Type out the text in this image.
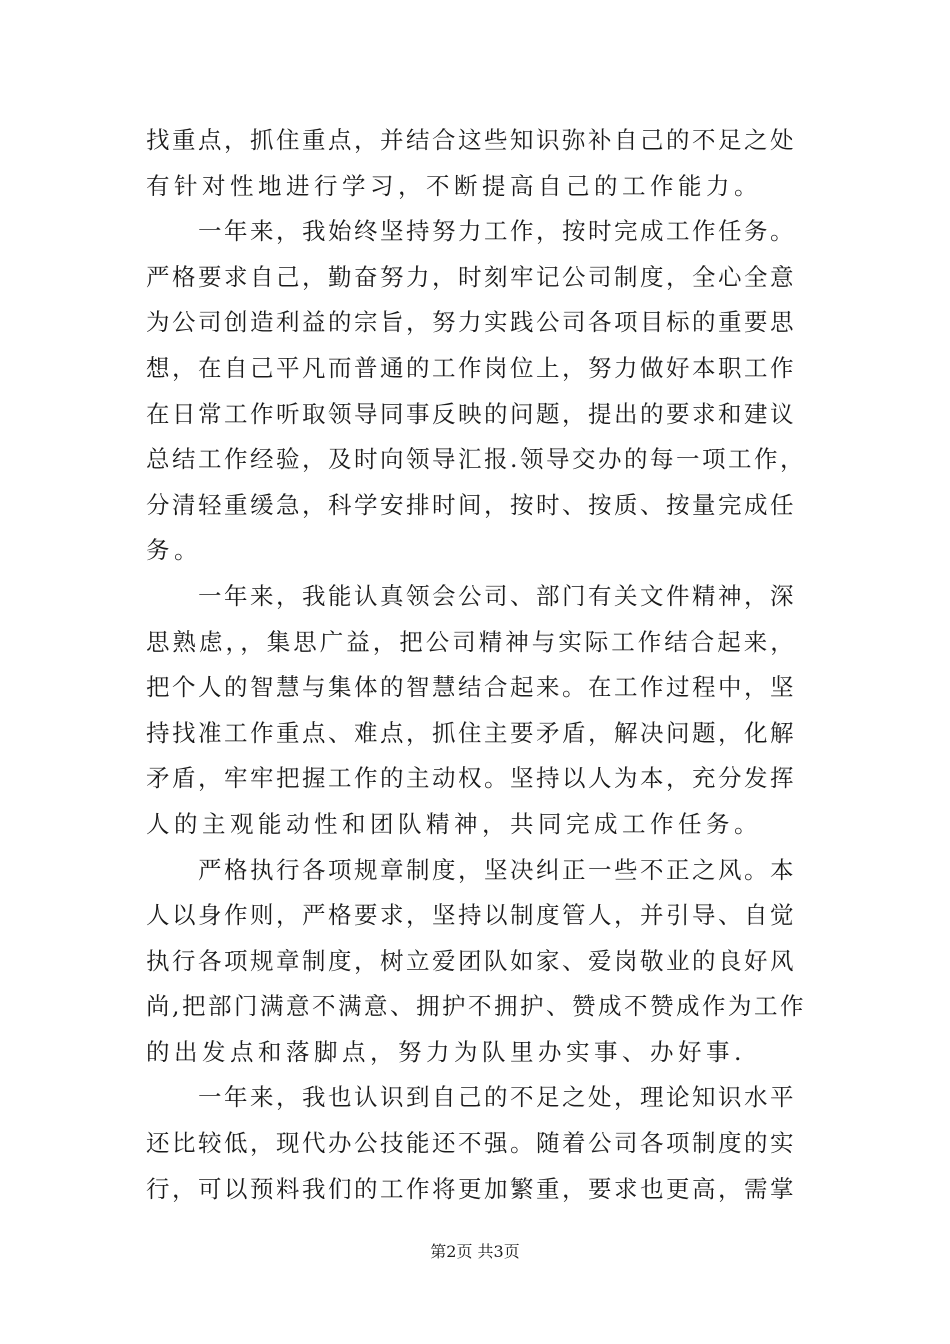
找重点，抓住重点，并结合这些知识弥补自己的不足之处
有针对性地进行学习，不断提高自己的工作能力。
一年来，我始终坚持努力工作，按时完成工作任务。
严格要求自己，勤奋努力，时刻牢记公司制度，全心全意
为公司创造利益的宗旨，努力实践公司各项目标的重要思
想，在自己平凡而普通的工作岗位上，努力做好本职工作
在日常工作听取领导同事反映的问题，提出的要求和建议
总结工作经验，及时向领导汇报.领导交办的每一项工作，
分清轻重缓急，科学安排时间，按时、按质、按量完成任
务。
一年来，我能认真领会公司、部门有关文件精神，深
思熟虑，，集思广益，把公司精神与实际工作结合起来，
把个人的智慧与集体的智慧结合起来。在工作过程中，坚
持找准工作重点、难点，抓住主要矛盾，解决问题，化解
矛盾，牢牢把握工作的主动权。坚持以人为本，充分发挥
人的主观能动性和团队精神，共同完成工作任务。
严格执行各项规章制度，坚决纠正一些不正之风。本
人以身作则，严格要求，坚持以制度管人，并引导、自觉
执行各项规章制度，树立爱团队如家、爱岗敬业的良好风
尚,把部门满意不满意、拥护不拥护、赞成不赞成作为工作
的出发点和落脚点，努力为队里办实事、办好事.
一年来，我也认识到自己的不足之处，理论知识水平
还比较低，现代办公技能还不强。随着公司各项制度的实
行，可以预料我们的工作将更加繁重，要求也更高，需掌
第2页 共3页
